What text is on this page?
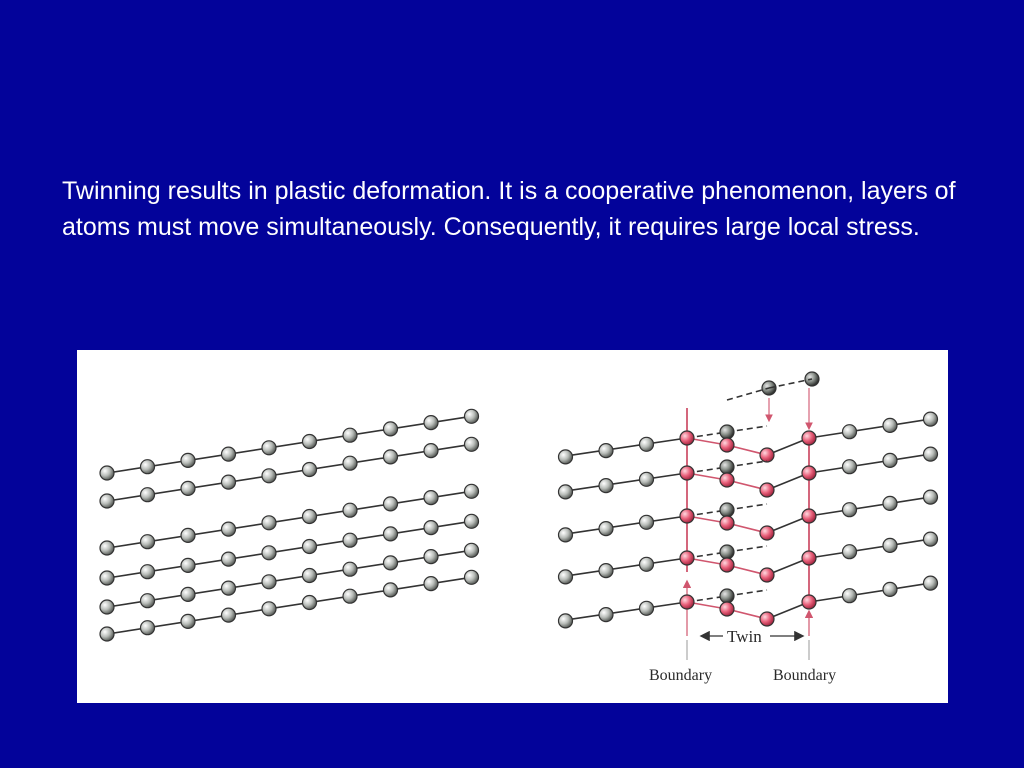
Twinning results in plastic deformation. It is a cooperative phenomenon, layers of atoms must move simultaneously. Consequently, it requires large local stress.

Twin
Boundary	Boundary
